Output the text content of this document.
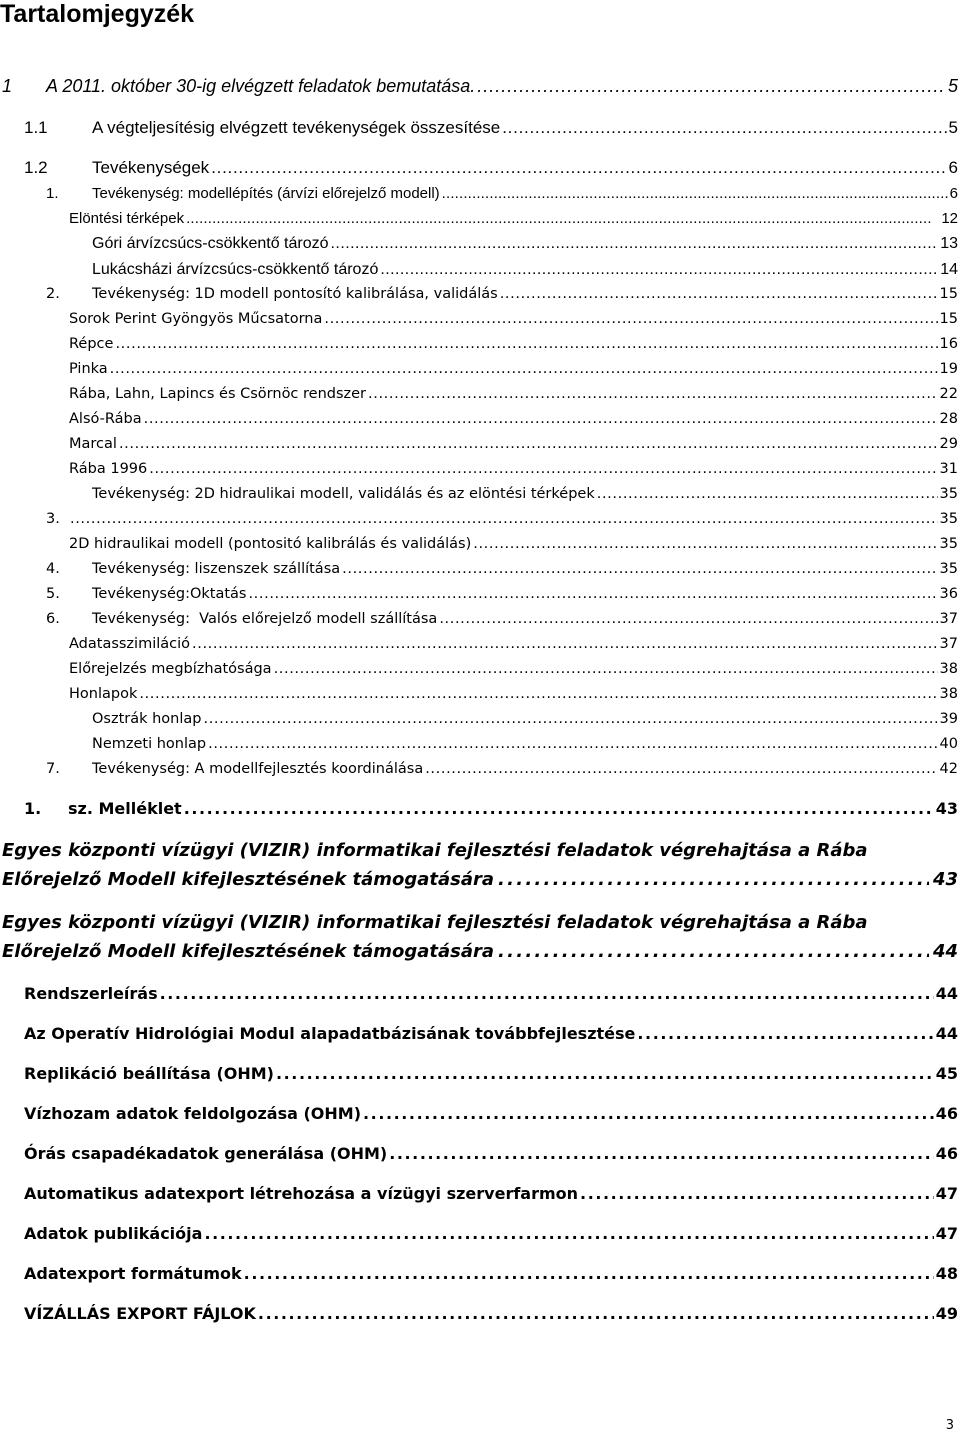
Tartalomjegyzék
1	A 2011. október 30-ig elvégzett feladatok bemutatása. . . .	5
1.1	A végteljesítésig elvégzett tevékenységek összesítése . . .	5
1.2	Tevékenységek . . .	6
1.	Tevékenység: modellépítés (árvízi előrejelző modell) . . .	6
Elöntési térképek . . .	12
Góri árvízcsúcs-csökkentő tározó . . .	13
Lukácsházi árvízcsúcs-csökkentő tározó . . .	14
2.	Tevékenység: 1D modell pontosító kalibrálása, validálás . . .	15
Sorok Perint Gyöngyös Műcsatorna . . .	15
Répce . . .	16
Pinka . . .	19
Rába, Lahn, Lapincs és Csörnöc rendszer . . .	22
Alsó-Rába . . .	28
Marcal . . .	29
Rába 1996 . . .	31
Tevékenység: 2D hidraulikai modell, validálás és az elöntési térképek . . .	35
3. . . .	35
2D hidraulikai modell (pontositó kalibrálás és validálás) . . .	35
4.	Tevékenység: liszenszek szállítása . . .	35
5.	Tevékenység:Oktatás . . .	36
6.	Tevékenység:  Valós előrejelző modell szállítása . . .	37
Adatasszimiláció . . .	37
Előrejelzés megbízhatósága . . .	38
Honlapok . . .	38
Osztrák honlap . . .	39
Nemzeti honlap . . .	40
7.	Tevékenység: A modellfejlesztés koordinálása . . .	42
1.	sz. Melléklet . . .	43
Egyes központi vízügyi (VIZIR) informatikai fejlesztési feladatok végrehajtása a Rába
Előrejelző Modell kifejlesztésének támogatására . . .	43
Egyes központi vízügyi (VIZIR) informatikai fejlesztési feladatok végrehajtása a Rába
Előrejelző Modell kifejlesztésének támogatására . . .	44
Rendszerleírás . . .	44
Az Operatív Hidrológiai Modul alapadatbázisának továbbfejlesztése . . .	44
Replikáció beállítása (OHM) . . .	45
Vízhozam adatok feldolgozása (OHM) . . .	46
Órás csapadékadatok generálása (OHM) . . .	46
Automatikus adatexport létrehozása a vízügyi szerverfarmon . . .	47
Adatok publikációja . . .	47
Adatexport formátumok . . .	48
VÍZÁLLÁS EXPORT FÁJLOK . . .	49
3
